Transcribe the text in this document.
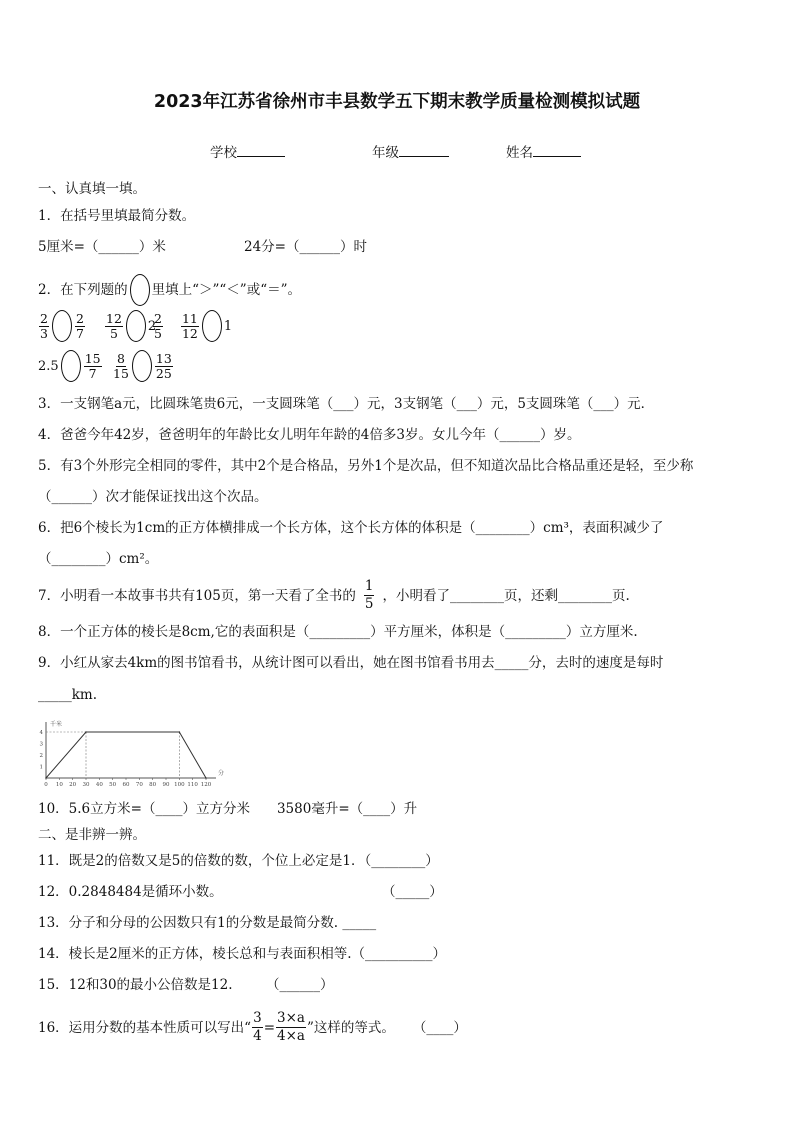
2023年江苏省徐州市丰县数学五下期末教学质量检测模拟试题
学校	年级	姓名
一、认真填一填。
1．在括号里填最简分数。
5厘米=（______）米	24分=（______）时
2．在下列题的 里填上“＞”“＜”或“＝”。
$\frac{2}{3} \frac{2}{7} \frac{12}{5} 2$
$\frac{2}{5} \frac{11}{12} 1$
$2.5 \frac{15}{7} \frac{8}{15} \frac{13}{25}$
3．一支钢笔a元，比圆珠笔贵6元，一支圆珠笔（___）元，3支钢笔（___）元，5支圆珠笔（___）元．
4．爸爸今年42岁，爸爸明年的年龄比女儿明年年龄的4倍多3岁。女儿今年（______）岁。
5．有3个外形完全相同的零件，其中2个是合格品，另外1个是次品，但不知道次品比合格品重还是轻，至少称
（______）次才能保证找出这个次品。
6．把6个棱长为1cm的正方体横排成一个长方体，这个长方体的体积是（________）cm³，表面积减少了
（________）cm²。
7．小明看一本故事书共有105页，第一天看了全书的 $\frac{1}{5}$ ，小明看了________页，还剩________页.
8．一个正方体的棱长是8cm,它的表面积是（_________）平方厘米，体积是（_________）立方厘米.
9．小红从家去4km的图书馆看书，从统计图可以看出，她在图书馆看书用去_____分，去时的速度是每时
_____km.
分
千米
0 10 20 30 40 50 60 70 80 90 100 110 120
1
2
3
4
10．5.6立方米=（____）立方分米　　3580毫升=（____）升
二、是非辨一辨。
11．既是2的倍数又是5的倍数的数，个位上必定是1．（________）
12．0.2848484是循环小数。	（_____）
13．分子和分母的公因数只有1的分数是最简分数. _____
14．棱长是2厘米的正方体，棱长总和与表面积相等.（__________）
15．12和30的最小公倍数是12. （______）
16．运用分数的基本性质可以写出“ $\frac{3}{4} = \frac{3\times a}{4\times a}$ ”这样的等式。 （____）
